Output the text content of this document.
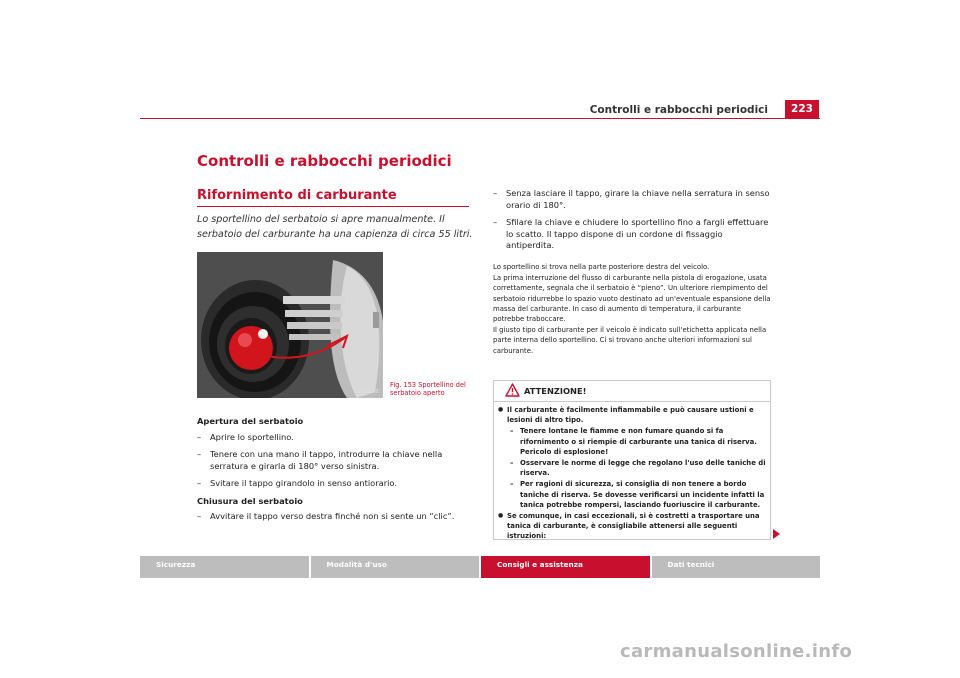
Controlli e rabbocchi periodici	223
Controlli e rabbocchi periodici
Rifornimento di carburante
Lo sportellino del serbatoio si apre manualmente. Il serbatoio del carburante ha una capienza di circa 55 litri.
B5P-0108
Fig. 153 Sportellino del serbatoio aperto
Apertura del serbatoio
– Aprire lo sportellino.
– Tenere con una mano il tappo, introdurre la chiave nella serratura e girarla di 180° verso sinistra.
– Svitare il tappo girandolo in senso antiorario.
Chiusura del serbatoio
– Avvitare il tappo verso destra finché non si sente un “clic”.
– Senza lasciare il tappo, girare la chiave nella serratura in senso orario di 180°.
– Sfilare la chiave e chiudere lo sportellino fino a fargli effettuare lo scatto. Il tappo dispone di un cordone di fissaggio antiperdita.

Lo sportellino si trova nella parte posteriore destra del veicolo.

La prima interruzione del flusso di carburante nella pistola di erogazione, usata correttamente, segnala che il serbatoio è “pieno”. Un ulteriore riempimento del serbatoio ridurrebbe lo spazio vuoto destinato ad un'eventuale espansione della massa del carburante. In caso di aumento di temperatura, il carburante potrebbe traboccare.

Il giusto tipo di carburante per il veicolo è indicato sull'etichetta applicata nella parte interna dello sportellino. Ci si trovano anche ulteriori informazioni sul carburante.

ATTENZIONE!

● Il carburante è facilmente infiammabile e può causare ustioni e lesioni di altro tipo.

– Tenere lontane le fiamme e non fumare quando si fa rifornimento o si riempie di carburante una tanica di riserva. Pericolo di esplosione!

– Osservare le norme di legge che regolano l'uso delle taniche di riserva.

– Per ragioni di sicurezza, si consiglia di non tenere a bordo taniche di riserva. Se dovesse verificarsi un incidente infatti la tanica potrebbe rompersi, lasciando fuoriuscire il carburante.

● Se comunque, in casi eccezionali, si è costretti a trasportare una tanica di carburante, è consigliabile attenersi alle seguenti istruzioni:

Sicurezza	Modalità d'uso	Consigli e assistenza	Dati tecnici
carmanualsonline.info
